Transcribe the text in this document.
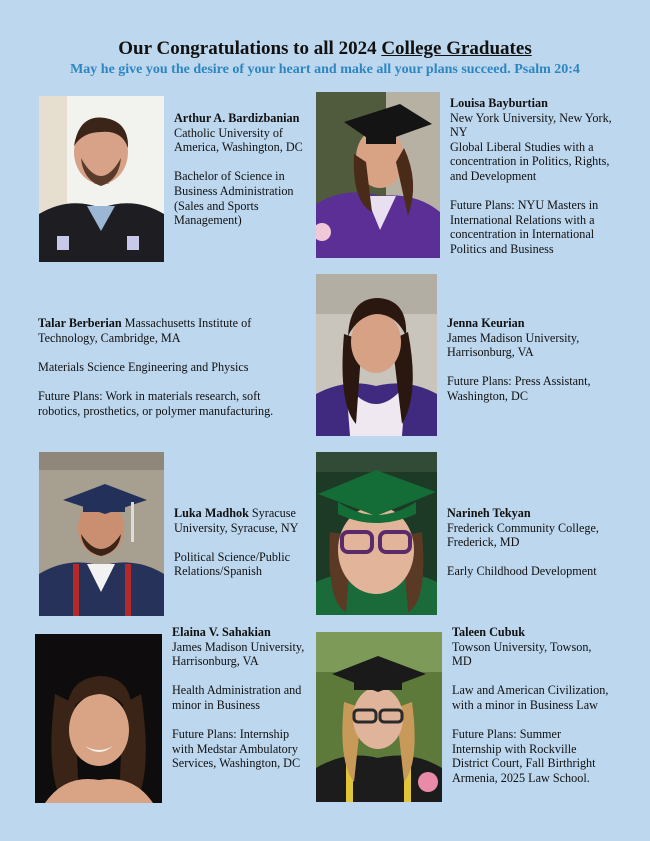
Our Congratulations to all 2024 College Graduates

May he give you the desire of your heart and make all your plans succeed. Psalm 20:4

Arthur A. Bardizbanian

Catholic University of America, Washington, DC

Bachelor of Science in Business Administration (Sales and Sports Management)

Louisa Bayburtian

New York University, New York, NY

Global Liberal Studies with a concentration in Politics, Rights, and Development

Future Plans: NYU Masters in International Relations with a concentration in International Politics and Business

Talar Berberian Massachusetts Institute of Technology, Cambridge, MA

Materials Science Engineering and Physics

Future Plans: Work in materials research, soft robotics, prosthetics, or polymer manufacturing.

Jenna Keurian

James Madison University, Harrisonburg, VA

Future Plans: Press Assistant, Washington, DC

Luka Madhok Syracuse University, Syracuse, NY

Political Science/Public Relations/Spanish

Narineh Tekyan

Frederick Community College, Frederick, MD

Early Childhood Development

Elaina V. Sahakian

James Madison University, Harrisonburg, VA

Health Administration and minor in Business

Future Plans: Internship with Medstar Ambulatory Services, Washington, DC

Taleen Cubuk

Towson University, Towson, MD

Law and American Civilization, with a minor in Business Law

Future Plans: Summer Internship with Rockville District Court, Fall Birthright Armenia, 2025 Law School.
